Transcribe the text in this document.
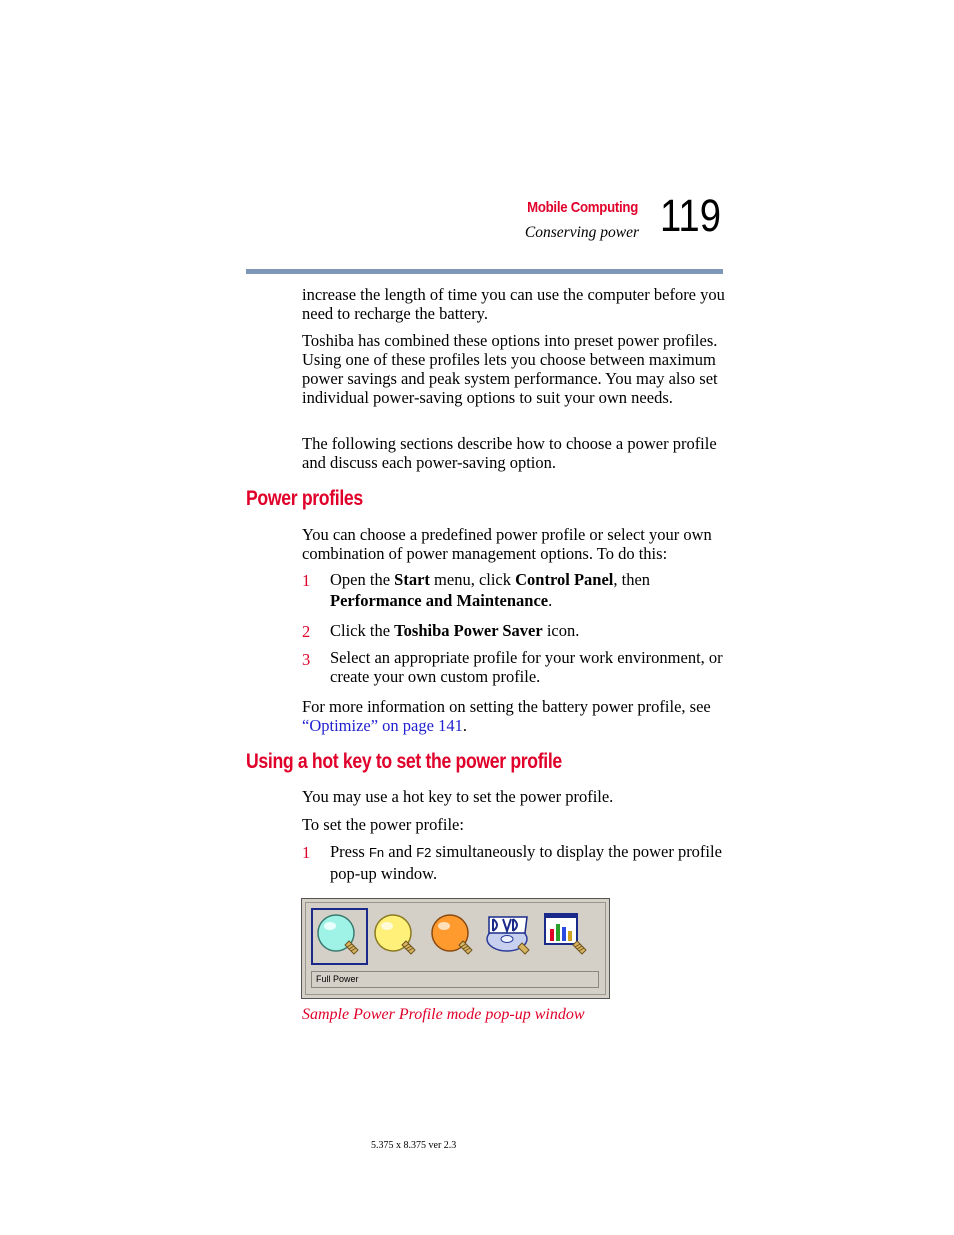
Mobile Computing
Conserving power 119
increase the length of time you can use the computer before you need to recharge the battery.
Toshiba has combined these options into preset power profiles. Using one of these profiles lets you choose between maximum power savings and peak system performance. You may also set individual power-saving options to suit your own needs.
The following sections describe how to choose a power profile and discuss each power-saving option.
Power profiles
You can choose a predefined power profile or select your own combination of power management options. To do this:
1 Open the Start menu, click Control Panel, then
Performance and Maintenance.
2 Click the Toshiba Power Saver icon.
3 Select an appropriate profile for your work environment, or create your own custom profile.
For more information on setting the battery power profile, see “Optimize” on page 141.
Using a hot key to set the power profile
You may use a hot key to set the power profile.
To set the power profile:
1 Press Fn and F2 simultaneously to display the power profile pop-up window.
Full Power
Sample Power Profile mode pop-up window
5.375 x 8.375 ver 2.3
